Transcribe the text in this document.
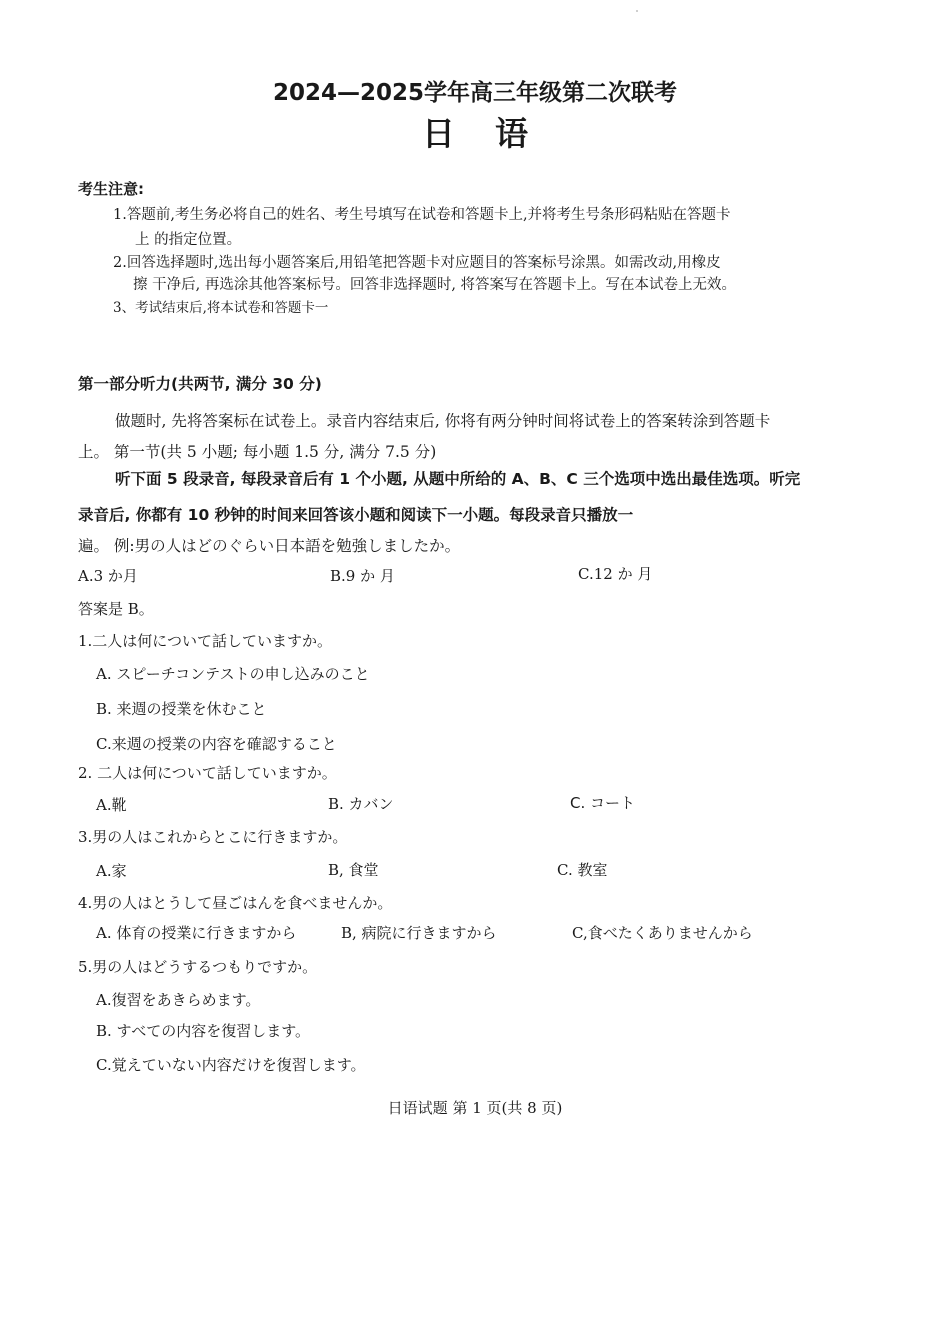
2024—2025学年高三年级第二次联考
日语
考生注意:
1.答题前,考生务必将自己的姓名、考生号填写在试卷和答题卡上,并将考生号条形码粘贴在答题卡
上 的指定位置。
2.回答选择题时,选出每小题答案后,用铅笔把答题卡对应题目的答案标号涂黑。如需改动,用橡皮
擦 干净后, 再选涂其他答案标号。回答非选择题时, 将答案写在答题卡上。写在本试卷上无效。
3、考试结束后,将本试卷和答题卡一
第一部分听力(共两节, 满分 30 分)
做题时, 先将答案标在试卷上。录音内容结束后, 你将有两分钟时间将试卷上的答案转涂到答题卡
上。 第一节(共 5 小题; 每小题 1.5 分, 满分 7.5 分)
听下面 5 段录音, 每段录音后有 1 个小题, 从题中所给的 A、B、C 三个选项中选出最佳选项。听完
录音后, 你都有 10 秒钟的时间来回答该小题和阅读下一小题。每段录音只播放一
遍。 例:男の人はどのぐらい日本語を勉強しましたか。
A.3 か月	B.9 か 月	C.12 か 月
答案是 B。
1.二人は何について話していますか。
A. スピーチコンテストの申し込みのこと
B. 来週の授業を休むこと
C.来週の授業の内容を確認すること
2. 二人は何について話していますか。
A.靴	B. カバン	C. コート
3.男の人はこれからとこに行きますか。
A.家	B, 食堂	C. 教室
4.男の人はとうして昼ごはんを食べませんか。
A. 体育の授業に行きますから	B, 病院に行きますから	C,食べたくありませんから
5.男の人はどうするつもりですか。
A.復習をあきらめます。
B. すべての内容を復習します。
C.覚えていない内容だけを復習します。
日语试题 第 1 页(共 8 页)
